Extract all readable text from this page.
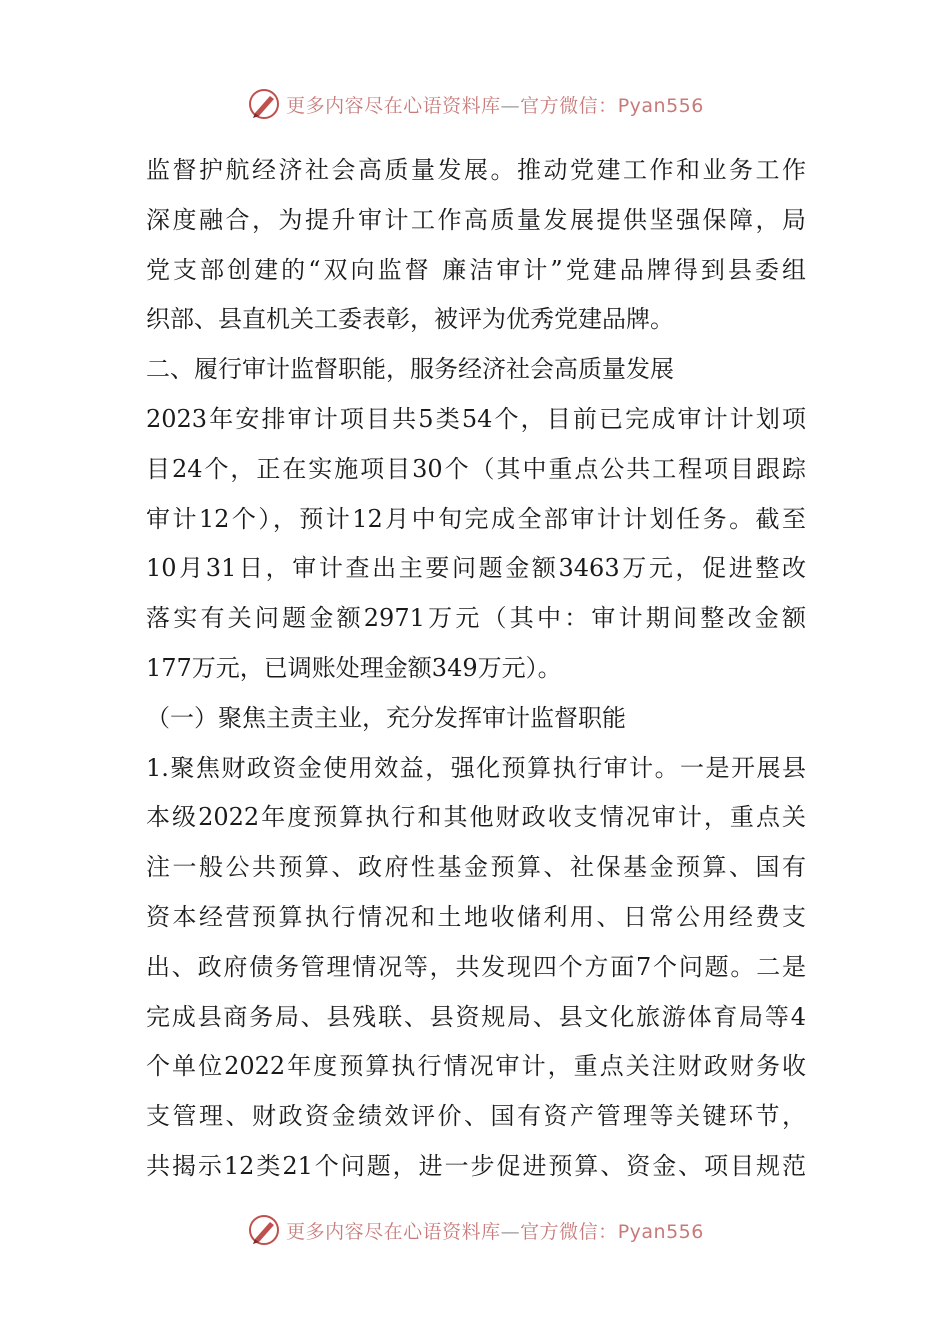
更多内容尽在心语资料库—官方微信：Pyan556
监督护航经济社会高质量发展。推动党建工作和业务工作
深度融合，为提升审计工作高质量发展提供坚强保障，局
党支部创建的“双向监督 廉洁审计”党建品牌得到县委组
织部、县直机关工委表彰，被评为优秀党建品牌。
二、履行审计监督职能，服务经济社会高质量发展
2023年安排审计项目共5类54个，目前已完成审计计划项
目24个，正在实施项目30个（其中重点公共工程项目跟踪
审计12个），预计12月中旬完成全部审计计划任务。截至
10月31日，审计查出主要问题金额3463万元，促进整改
落实有关问题金额2971万元（其中：审计期间整改金额
177万元，已调账处理金额349万元）。
（一）聚焦主责主业，充分发挥审计监督职能
1.聚焦财政资金使用效益，强化预算执行审计。一是开展县
本级2022年度预算执行和其他财政收支情况审计，重点关
注一般公共预算、政府性基金预算、社保基金预算、国有
资本经营预算执行情况和土地收储利用、日常公用经费支
出、政府债务管理情况等，共发现四个方面7个问题。二是
完成县商务局、县残联、县资规局、县文化旅游体育局等4
个单位2022年度预算执行情况审计，重点关注财政财务收
支管理、财政资金绩效评价、国有资产管理等关键环节，
共揭示12类21个问题，进一步促进预算、资金、项目规范
更多内容尽在心语资料库—官方微信：Pyan556
